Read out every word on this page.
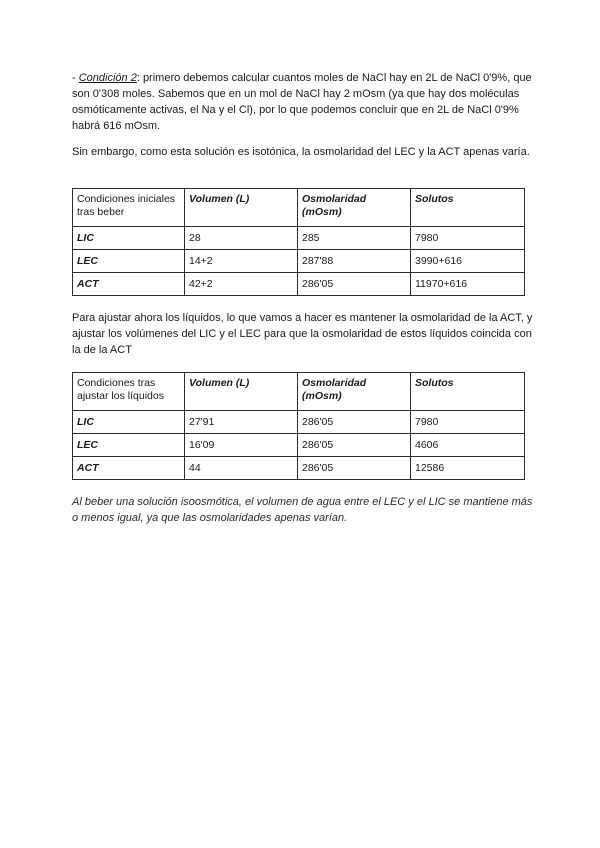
- Condición 2: primero debemos calcular cuantos moles de NaCl hay en 2L de NaCl 0'9%, que son 0'308 moles. Sabemos que en un mol de NaCl hay 2 mOsm (ya que hay dos moléculas osmóticamente activas, el Na y el Cl), por lo que podemos concluir que en 2L de NaCl 0'9% habrá 616 mOsm.

Sin embargo, como esta solución es isotónica, la osmolaridad del LEC y la ACT apenas varía.

Condiciones iniciales tras beber	Volumen (L)	Osmolaridad (mOsm)	Solutos
LIC	28	285	7980
LEC	14+2	287'88	3990+616
ACT	42+2	286'05	11970+616

Para ajustar ahora los líquidos, lo que vamos a hacer es mantener la osmolaridad de la ACT, y ajustar los volúmenes del LIC y el LEC para que la osmolaridad de estos líquidos coincida con la de la ACT

Condiciones tras ajustar los líquidos	Volumen (L)	Osmolaridad (mOsm)	Solutos
LIC	27'91	286'05	7980
LEC	16'09	286'05	4606
ACT	44	286'05	12586

Al beber una solución isoosmótica, el volumen de agua entre el LEC y el LIC se mantiene más o menos igual, ya que las osmolaridades apenas varían.
